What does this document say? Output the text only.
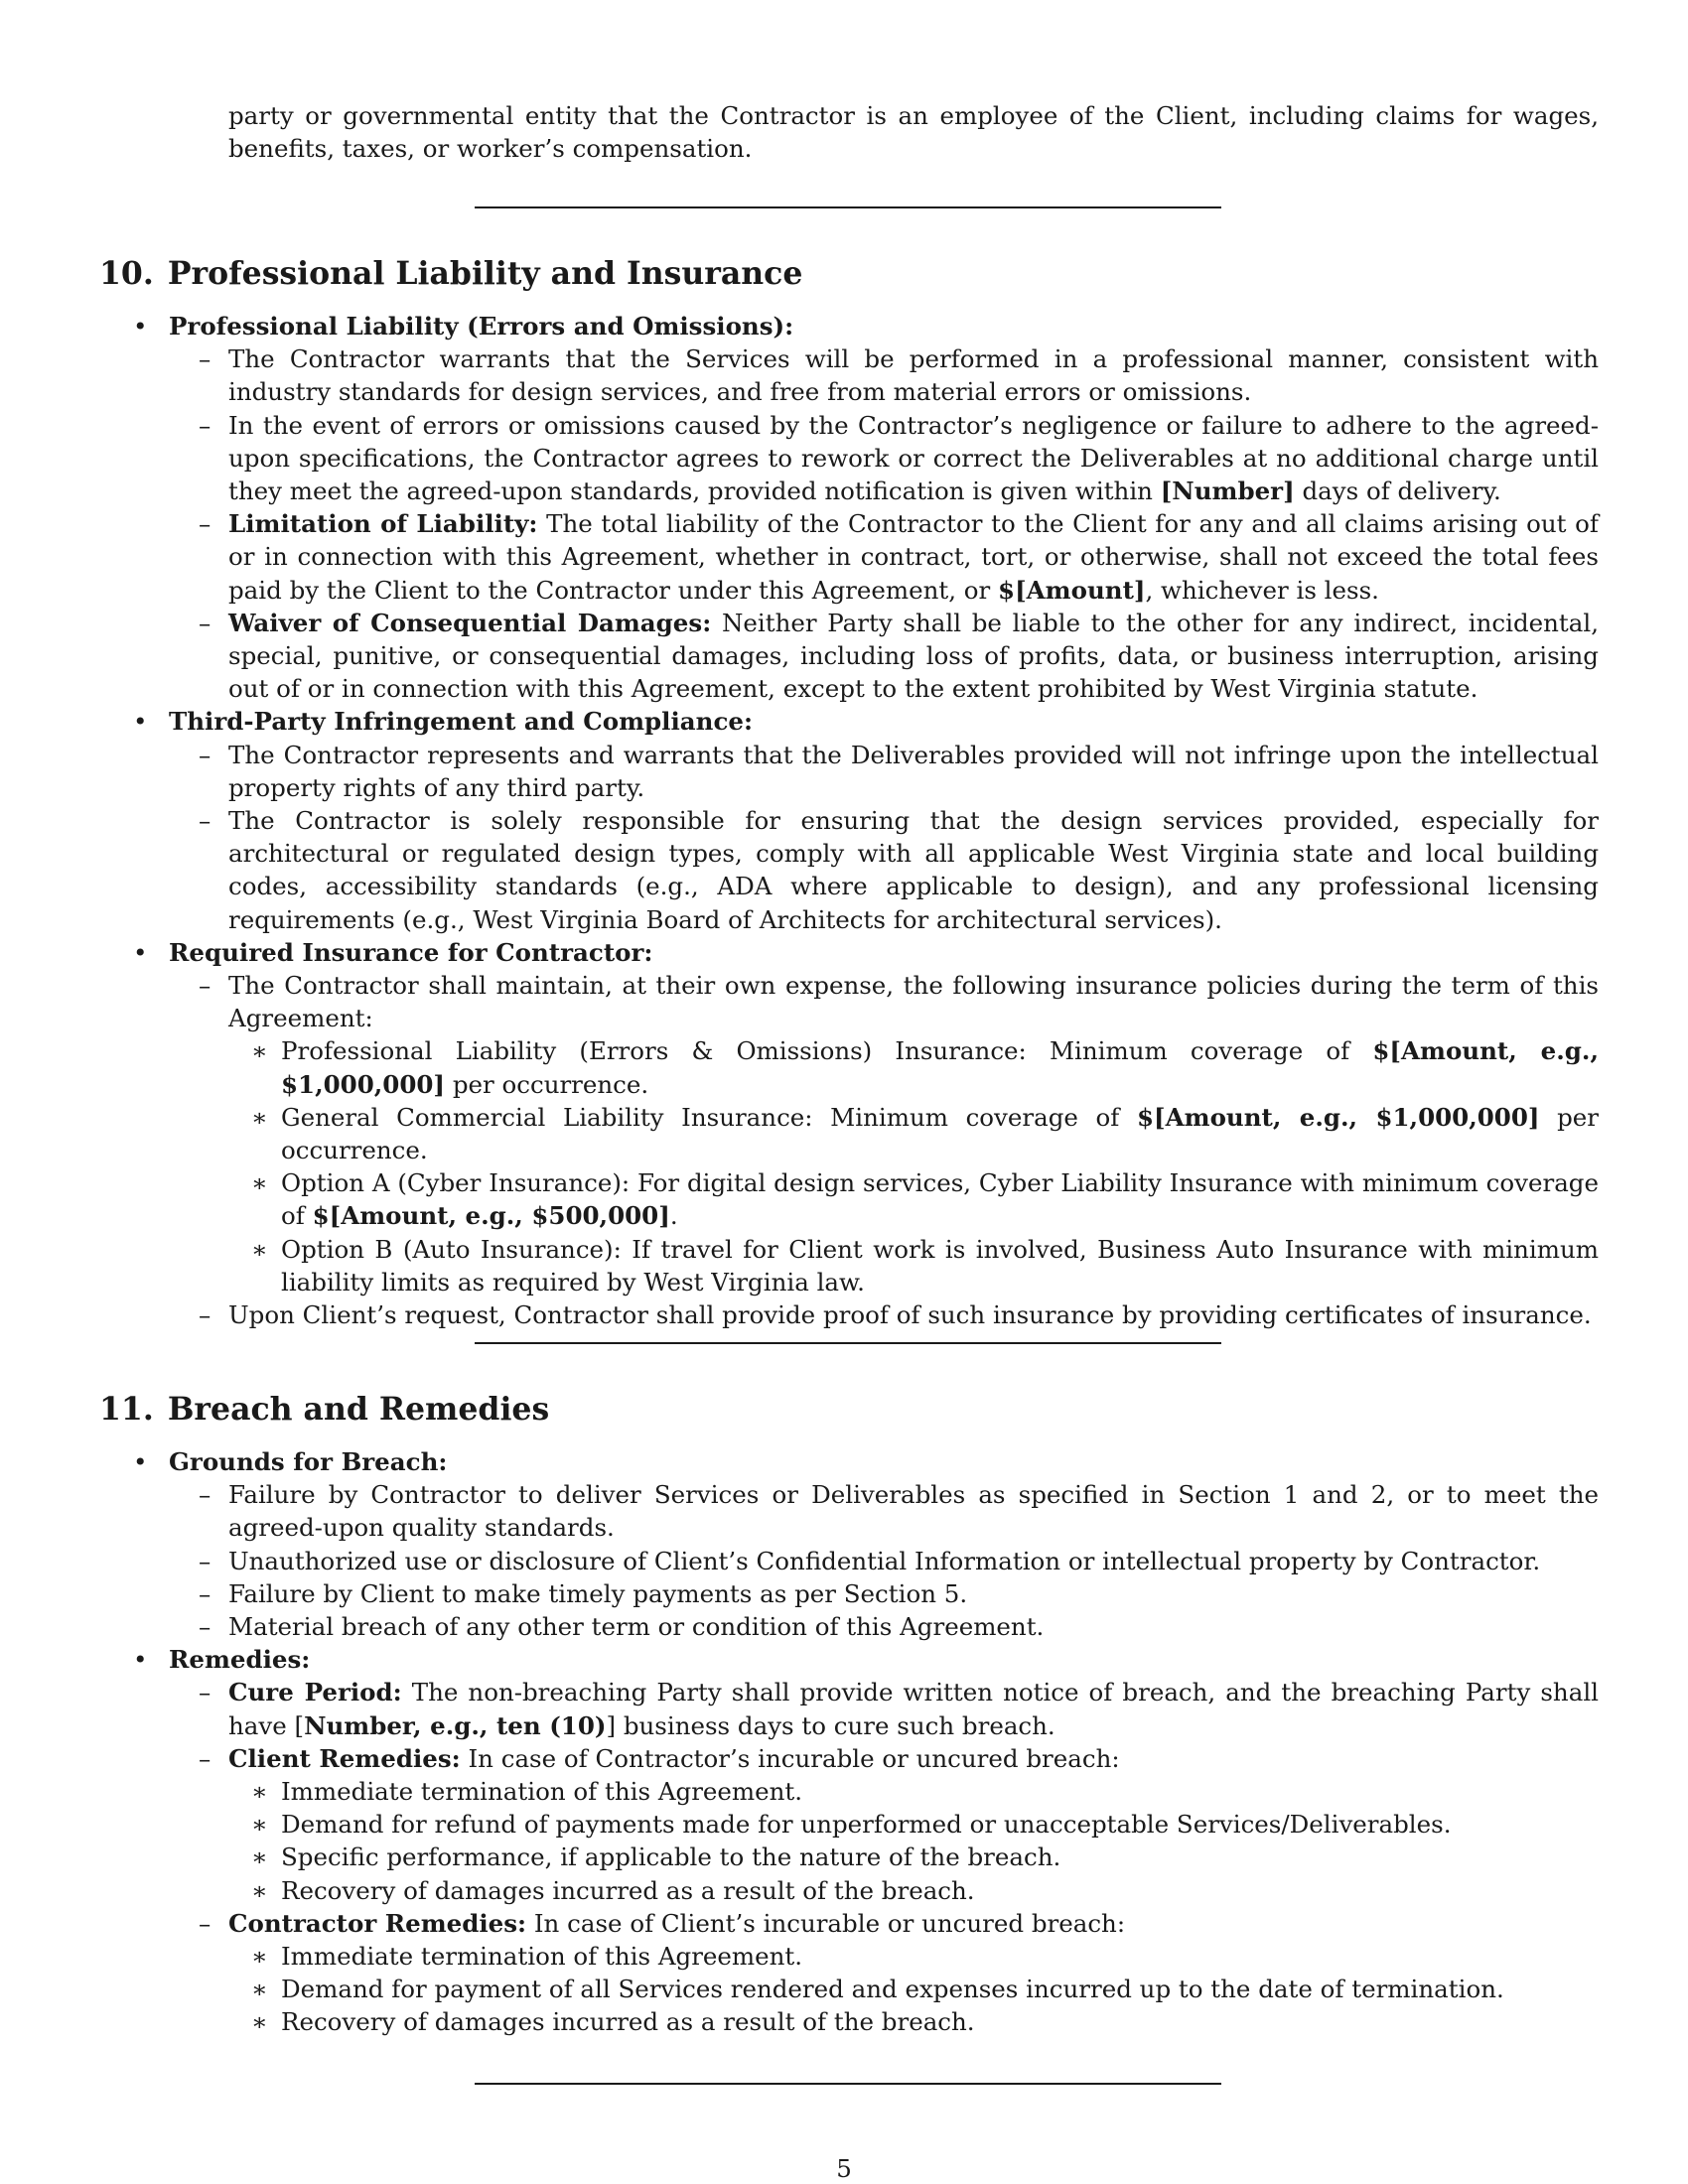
party or governmental entity that the Contractor is an employee of the Client, including claims for wages, benefits, taxes, or worker’s compensation.
10. Professional Liability and Insurance
• Professional Liability (Errors and Omissions):
– The Contractor warrants that the Services will be performed in a professional manner, consistent with industry standards for design services, and free from material errors or omissions.
– In the event of errors or omissions caused by the Contractor’s negligence or failure to adhere to the agreed-upon specifications, the Contractor agrees to rework or correct the Deliverables at no additional charge until they meet the agreed-upon standards, provided notification is given within [Number] days of delivery.
– Limitation of Liability: The total liability of the Contractor to the Client for any and all claims arising out of or in connection with this Agreement, whether in contract, tort, or otherwise, shall not exceed the total fees paid by the Client to the Contractor under this Agreement, or $[Amount], whichever is less.
– Waiver of Consequential Damages: Neither Party shall be liable to the other for any indirect, incidental, special, punitive, or consequential damages, including loss of profits, data, or business interruption, arising out of or in connection with this Agreement, except to the extent prohibited by West Virginia statute.
• Third-Party Infringement and Compliance:
– The Contractor represents and warrants that the Deliverables provided will not infringe upon the intellectual property rights of any third party.
– The Contractor is solely responsible for ensuring that the design services provided, especially for architectural or regulated design types, comply with all applicable West Virginia state and local building codes, accessibility standards (e.g., ADA where applicable to design), and any professional licensing requirements (e.g., West Virginia Board of Architects for architectural services).
• Required Insurance for Contractor:
– The Contractor shall maintain, at their own expense, the following insurance policies during the term of this Agreement:
∗ Professional Liability (Errors & Omissions) Insurance: Minimum coverage of $[Amount, e.g., $1,000,000] per occurrence.
∗ General Commercial Liability Insurance: Minimum coverage of $[Amount, e.g., $1,000,000] per occurrence.
∗ Option A (Cyber Insurance): For digital design services, Cyber Liability Insurance with minimum coverage of $[Amount, e.g., $500,000].
∗ Option B (Auto Insurance): If travel for Client work is involved, Business Auto Insurance with minimum liability limits as required by West Virginia law.
– Upon Client’s request, Contractor shall provide proof of such insurance by providing certificates of insurance.
11. Breach and Remedies
• Grounds for Breach:
– Failure by Contractor to deliver Services or Deliverables as specified in Section 1 and 2, or to meet the agreed-upon quality standards.
– Unauthorized use or disclosure of Client’s Confidential Information or intellectual property by Contractor.
– Failure by Client to make timely payments as per Section 5.
– Material breach of any other term or condition of this Agreement.
• Remedies:
– Cure Period: The non-breaching Party shall provide written notice of breach, and the breaching Party shall have [Number, e.g., ten (10)] business days to cure such breach.
– Client Remedies: In case of Contractor’s incurable or uncured breach:
∗ Immediate termination of this Agreement.
∗ Demand for refund of payments made for unperformed or unacceptable Services/Deliverables.
∗ Specific performance, if applicable to the nature of the breach.
∗ Recovery of damages incurred as a result of the breach.
– Contractor Remedies: In case of Client’s incurable or uncured breach:
∗ Immediate termination of this Agreement.
∗ Demand for payment of all Services rendered and expenses incurred up to the date of termination.
∗ Recovery of damages incurred as a result of the breach.
5
